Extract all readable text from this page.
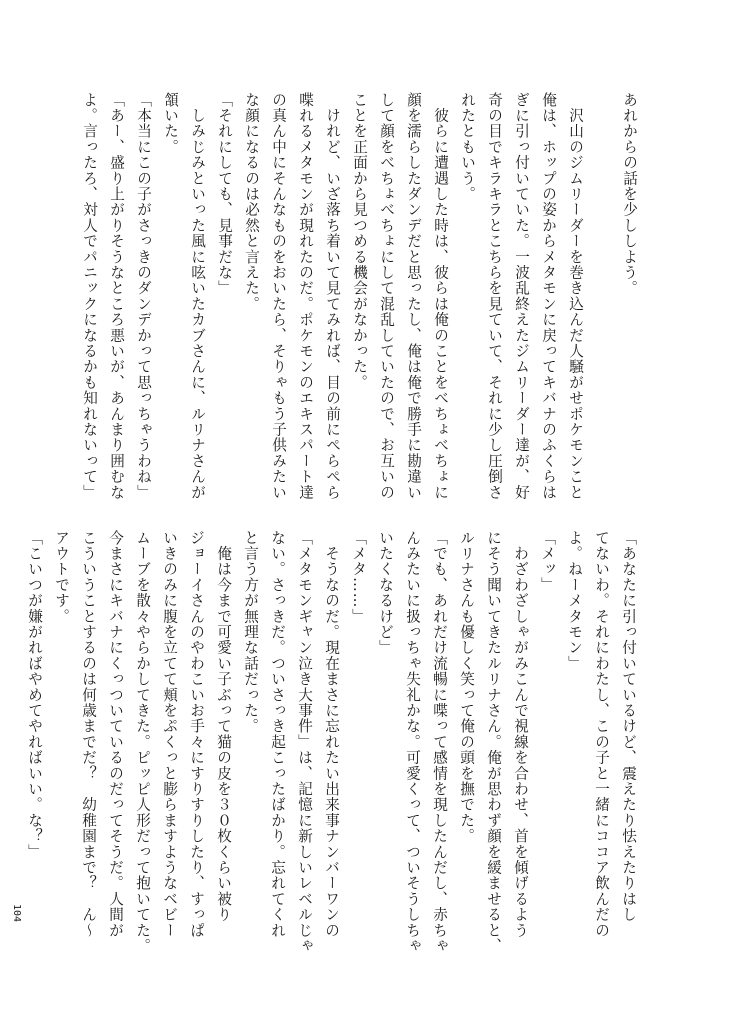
あれからの話を少ししよう。

　沢山のジムリーダーを巻き込んだ人騒がせポケモンこと
俺は、ホップの姿からメタモンに戻ってキバナのふくらは
ぎに引っ付いていた。一波乱終えたジムリーダー達が、好
奇の目でキラキラとこちらを見ていて、それに少し圧倒さ
れたともいう。
　彼らに遭遇した時は、彼らは俺のことをべちょべちょに
顔を濡らしたダンデだと思ったし、俺は俺で勝手に勘違い
して顔をべちょべちょにして混乱していたので、お互いの
ことを正面から見つめる機会がなかった。
　けれど、いざ落ち着いて見てみれば、目の前にぺらぺら
喋れるメタモンが現れたのだ。ポケモンのエキスパート達
の真ん中にそんなものをおいたら、そりゃもう子供みたい
な顔になるのは必然と言えた。
「それにしても、見事だな」
　しみじみといった風に呟いたカブさんに、ルリナさんが
頷いた。
「本当にこの子がさっきのダンデかって思っちゃうわね」
「あー、盛り上がりそうなところ悪いが、あんまり囲むな
よ。言ったろ、対人でパニックになるかも知れないって」
「あなたに引っ付いているけど、震えたり怯えたりはし
てないわ。それにわたし、この子と一緒にココア飲んだの
よ。ねーメタモン」
「メッ」
　わざわざしゃがみこんで視線を合わせ、首を傾げるよう
にそう聞いてきたルリナさん。俺が思わず顔を緩ませると、
ルリナさんも優しく笑って俺の頭を撫でた。
「でも、あれだけ流暢に喋って感情を現したんだし、赤ちゃ
んみたいに扱っちゃ失礼かな。可愛くって、ついそうしちゃ
いたくなるけど」
「メタ……」
　そうなのだ。現在まさに忘れたい出来事ナンバーワンの
「メタモンギャン泣き大事件」は、記憶に新しいレベルじゃ
ない。さっきだ。ついさっき起こったばかり。忘れてくれ
と言う方が無理な話だった。
　俺は今まで可愛い子ぶって猫の皮を３０枚くらい被り
ジョーイさんのやわこいお手々にすりすりしたり、すっぱ
いきのみに腹を立てて頬をぷくっと膨らますようなベビー
ムーブを散々やらかしてきた。ピッピ人形だって抱いてた。
今まさにキバナにくっついているのだってそうだ。人間が
こういうことするのは何歳までだ？　幼稚園まで？　ん〜
アウトです。
「こいつが嫌がればやめてやればいい。な？」
104
